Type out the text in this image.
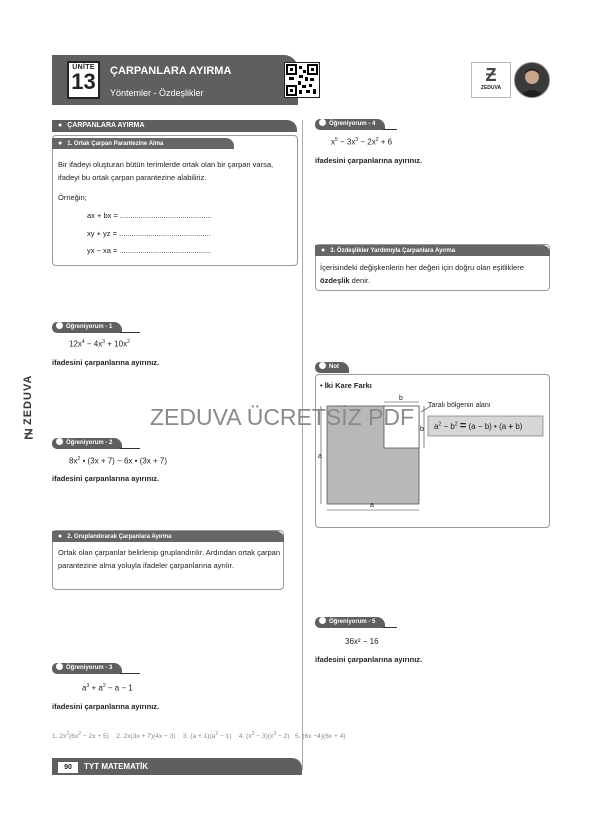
ÜNİTE
13 ÇARPANLARA AYIRMA
Yöntemler - Özdeşlikler
Ƶ
ZEDUVA
● ÇARPANLARA AYIRMA
● 1. Ortak Çarpan Parantezine Alma
Bir ifadeyi oluşturan bütün terimlerde ortak olan bir çarpan varsa, ifadeyi bu ortak çarpan parantezine alabiliriz.
Örneğin;
ax + bx = ............................................
xy + yz = ............................................
yx − xa = ............................................
Öğreniyorum - 1
$12x^4 - 4x^3 + 10x^2$
ifadesini çarpanlarına ayırınız.
Öğreniyorum - 2
$8x^2$ • (3x + 7) − 6x • (3x + 7)
ifadesini çarpanlarına ayırınız.
● 2. Gruplandırarak Çarpanlara Ayırma
Ortak olan çarpanlar belirlenip gruplandırılır. Ardından ortak çarpan parantezine alma yoluyla ifadeler çarpanlarına ayrılır.
Öğreniyorum - 3
$a^3 + a^2 - a - 1$
ifadesini çarpanlarına ayırınız.
Öğreniyorum - 4
$x^5 - 3x^3 - 2x^2 + 6$
ifadesini çarpanlarına ayırınız.
● 3. Özdeşlikler Yardımıyla Çarpanlara Ayırma
İçerisindeki değişkenlerin her değeri için doğru olan eşitliklere özdeşlik denir.
Not
• İki Kare Farkı
a
a
b
b
Taralı bölgenin alanı
$a^2 - b^2 = (a - b)$ • (a + b)
Öğreniyorum - 5
36x² − 16
ifadesini çarpanlarına ayırınız.
ZEDUVA
Ƶ
ZEDUVA ÜCRETSİZ PDF
1. $2x^2(6x^2 - 2x + 5)$    2. 2x(3x + 7)(4x − 3)    3. $(a + 1)(a^2 - 1)$    4. $(x^2 - 3)(x^3 - 2)$   5. (6x −4)(6x + 4)
90 TYT MATEMATİK
